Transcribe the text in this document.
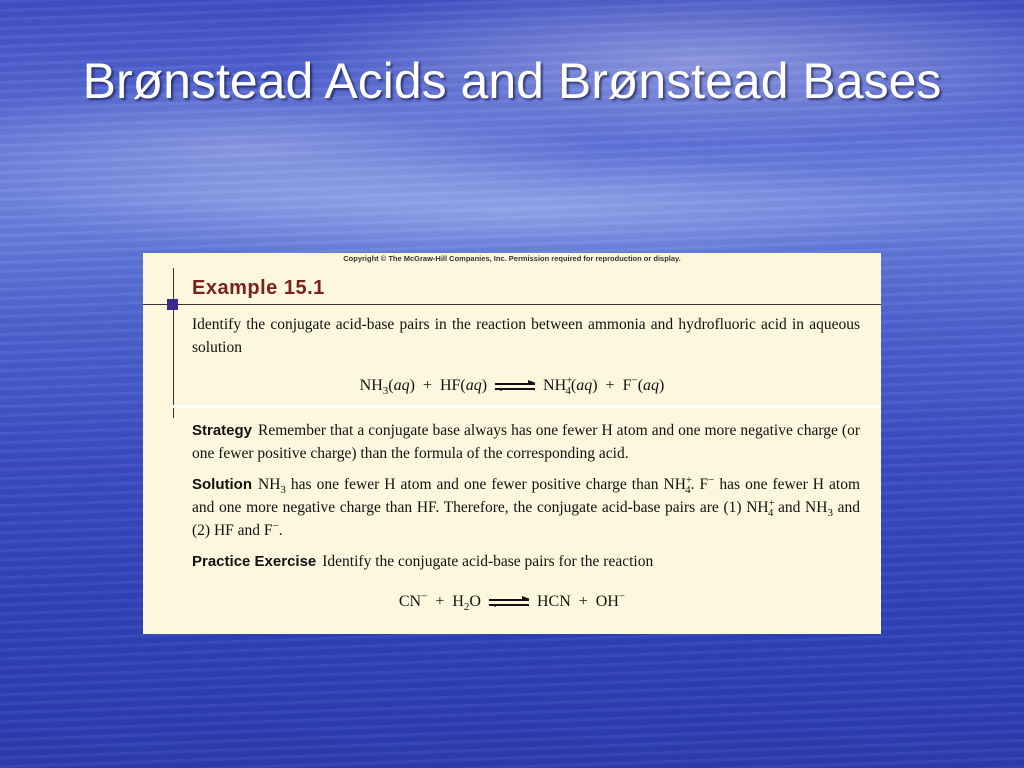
Brønstead Acids and Brønstead Bases
Copyright © The McGraw-Hill Companies, Inc. Permission required for reproduction or display.
Example 15.1
Identify the conjugate acid-base pairs in the reaction between ammonia and hydrofluoric acid in aqueous solution
$NH_3(aq) + HF(aq)$	$NH^+_4(aq) + F^-(aq)$
Strategy Remember that a conjugate base always has one fewer H atom and one more negative charge (or one fewer positive charge) than the formula of the corresponding acid.
Solution $NH_3$ has one fewer H atom and one fewer positive charge than $NH^+_4$. F− has one fewer H atom and one more negative charge than HF. Therefore, the conjugate acid-base pairs are (1) $NH^+_4$ and $NH_3$ and (2) HF and F−.
Practice Exercise Identify the conjugate acid-base pairs for the reaction
$CN^- + H_2O$	HCN + OH−
